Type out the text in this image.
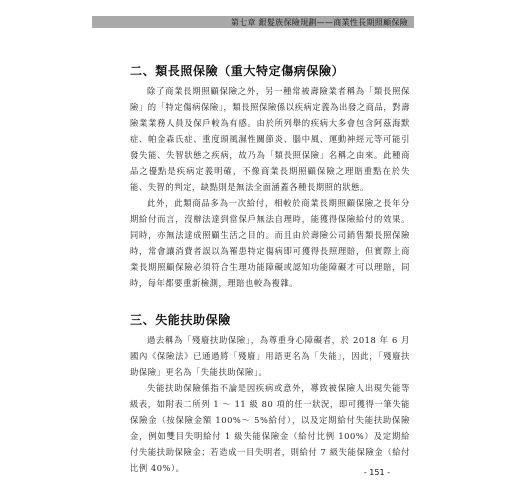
第七章 銀髮族保險規劃——商業性長期照顧保險
二、類長照保險（重大特定傷病保險）

除了商業長期照顧保險之外，另一種常被壽險業者稱為「類長照保險」的「特定傷病保險」，類長照保險係以疾病定義為出發之商品，對壽險業業務人員及保戶較為有感。由於所列舉的疾病大多會包含阿茲海默症、帕金森氏症、重度頭風濕性關節炎、腦中風、運動神經元等可能引發失能、失智狀態之疾病，故乃為「類長照保險」名稱之由來。此種商品之優點是疾病定義明確，不像商業長期照顧保險之理賠重點在於失能、失智的判定，缺點則是無法全面涵蓋各種長期照的狀態。

此外，此類商品多為一次給付，相較於商業長期照顧保險之長年分期給付而言，沒辦法達到當保戶無法自理時，能獲得保險給付的效果。同時，亦無法達成照顧生活之目的。而且由於壽險公司銷售類長照保險時，常會讓消費者誤以為罹患特定傷病即可獲得長照理賠，但實際上商業長期照顧保險必須符合生理功能障礙或認知功能障礙才可以理賠，同時，每年都要重新檢測，理賠也較為複雜。

三、失能扶助保險

過去稱為「殘廢扶助保險」，為尊重身心障礙者，於 2018 年 6 月國內《保險法》已通過將「殘廢」用語更名為「失能」，因此，「殘廢扶助保險」更名為「失能扶助保險」。

失能扶助保險係指不論是因疾病或意外，導致被保險人出現失能等級表，如附表二所列 1 ～ 11 級 80 項的任一狀況，即可獲得一筆失能保險金（按保險金額 100%～ 5%給付），以及定期給付失能扶助保險金，例如雙目失明給付 1 級失能保險金（給付比例 100%）及定期給付失能扶助保險金；若造成一目失明者，則給付 7 級失能保險金（給付比例 40%）。	- 151 -
